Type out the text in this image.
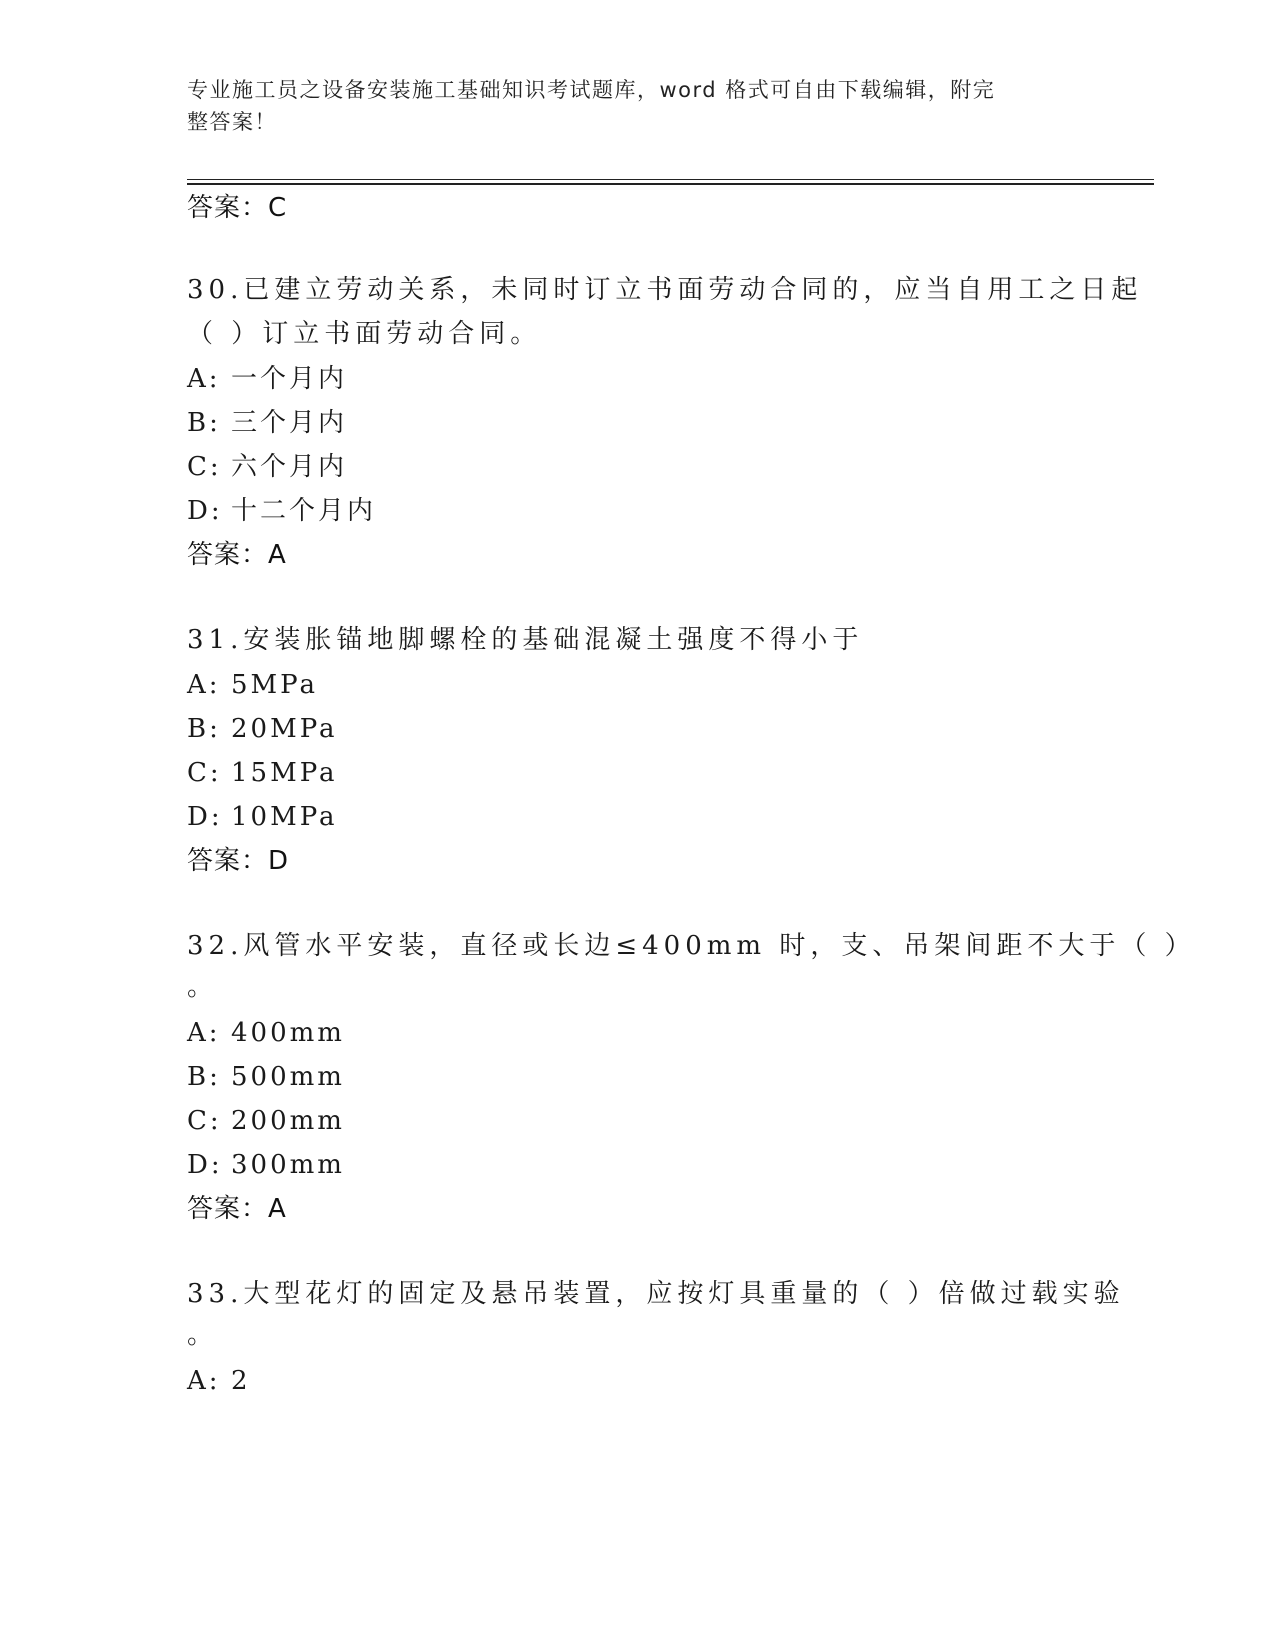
专业施工员之设备安装施工基础知识考试题库，word 格式可自由下载编辑，附完
整答案！
答案：C
30.已建立劳动关系，未同时订立书面劳动合同的，应当自用工之日起
（ ）订立书面劳动合同。
A: 一个月内
B: 三个月内
C: 六个月内
D: 十二个月内
答案：A
31.安装胀锚地脚螺栓的基础混凝土强度不得小于
A: 5MPa
B: 20MPa
C: 15MPa
D: 10MPa
答案：D
32.风管水平安装，直径或长边≤400mm 时，支、吊架间距不大于（ ）
。
A: 400mm
B: 500mm
C: 200mm
D: 300mm
答案：A
33.大型花灯的固定及悬吊装置，应按灯具重量的（ ）倍做过载实验
。
A: 2
